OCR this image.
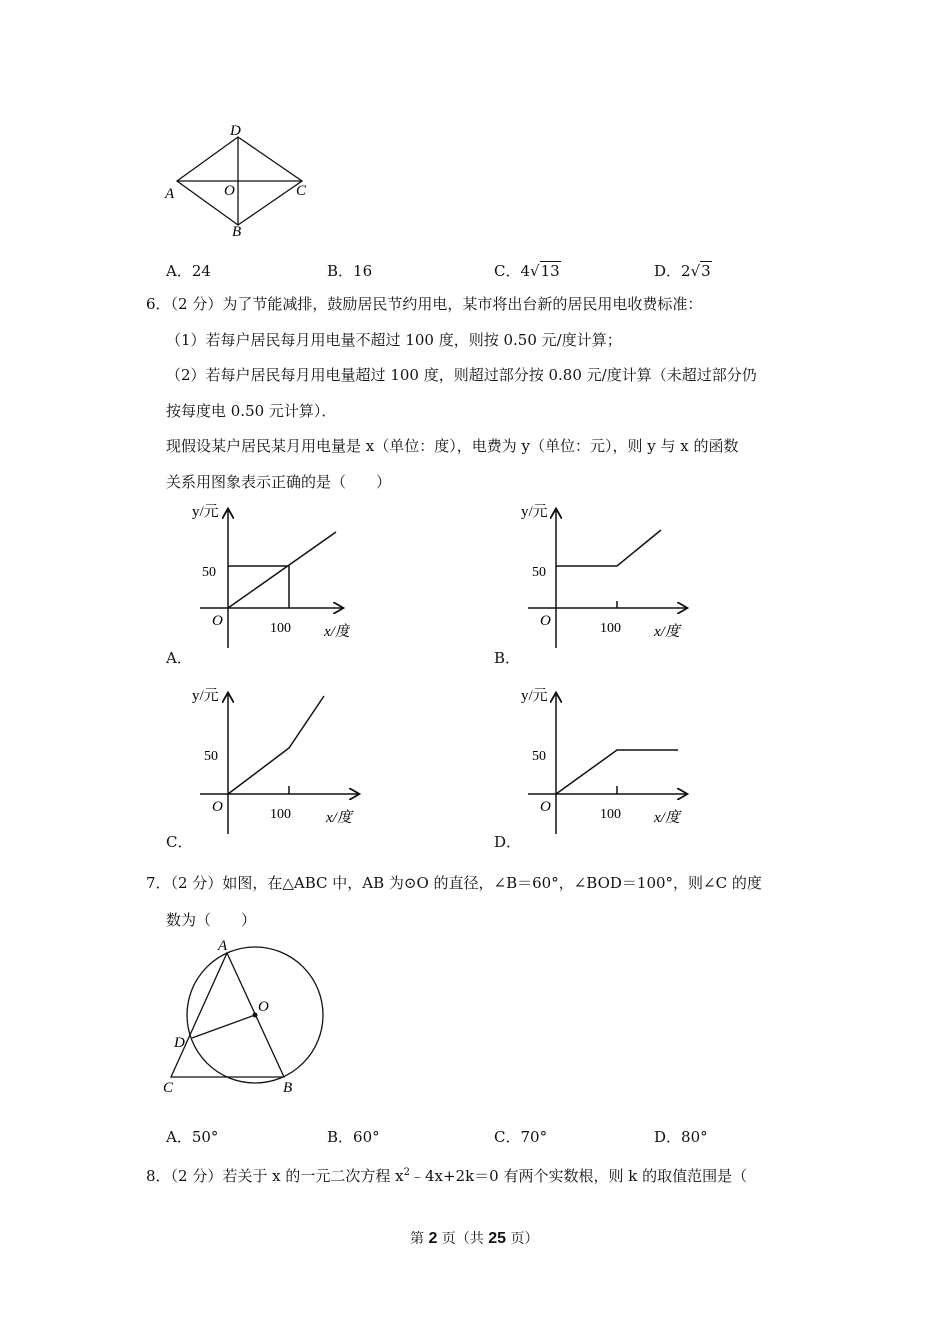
D
A	O	C
B
A．24	B．16	C．4√13	D．2√3
6．（2 分）为了节能减排，鼓励居民节约用电，某市将出台新的居民用电收费标准：
（1）若每户居民每月用电量不超过 100 度，则按 0.50 元/度计算；
（2）若每户居民每月用电量超过 100 度，则超过部分按 0.80 元/度计算（未超过部分仍
按每度电 0.50 元计算）．
现假设某户居民某月用电量是 x（单位：度），电费为 y（单位：元），则 y 与 x 的函数
关系用图象表示正确的是（　　）
y/元
50
O	100 x/度
A．
y/元
50
O	100 x/度
B．
y/元
50
O	100 x/度
C．
y/元
50
O	100 x/度
D．
7．（2 分）如图，在△ABC 中，AB 为⊙O 的直径，∠B＝60°，∠BOD＝100°，则∠C 的度
数为（　　）
A
O
D
C	B
A．50°	B．60°	C．70°	D．80°
8．（2 分）若关于 x 的一元二次方程 $x^2﹣4x+2k=0$ 有两个实数根，则 k 的取值范围是（
第 2 页（共 25 页）
